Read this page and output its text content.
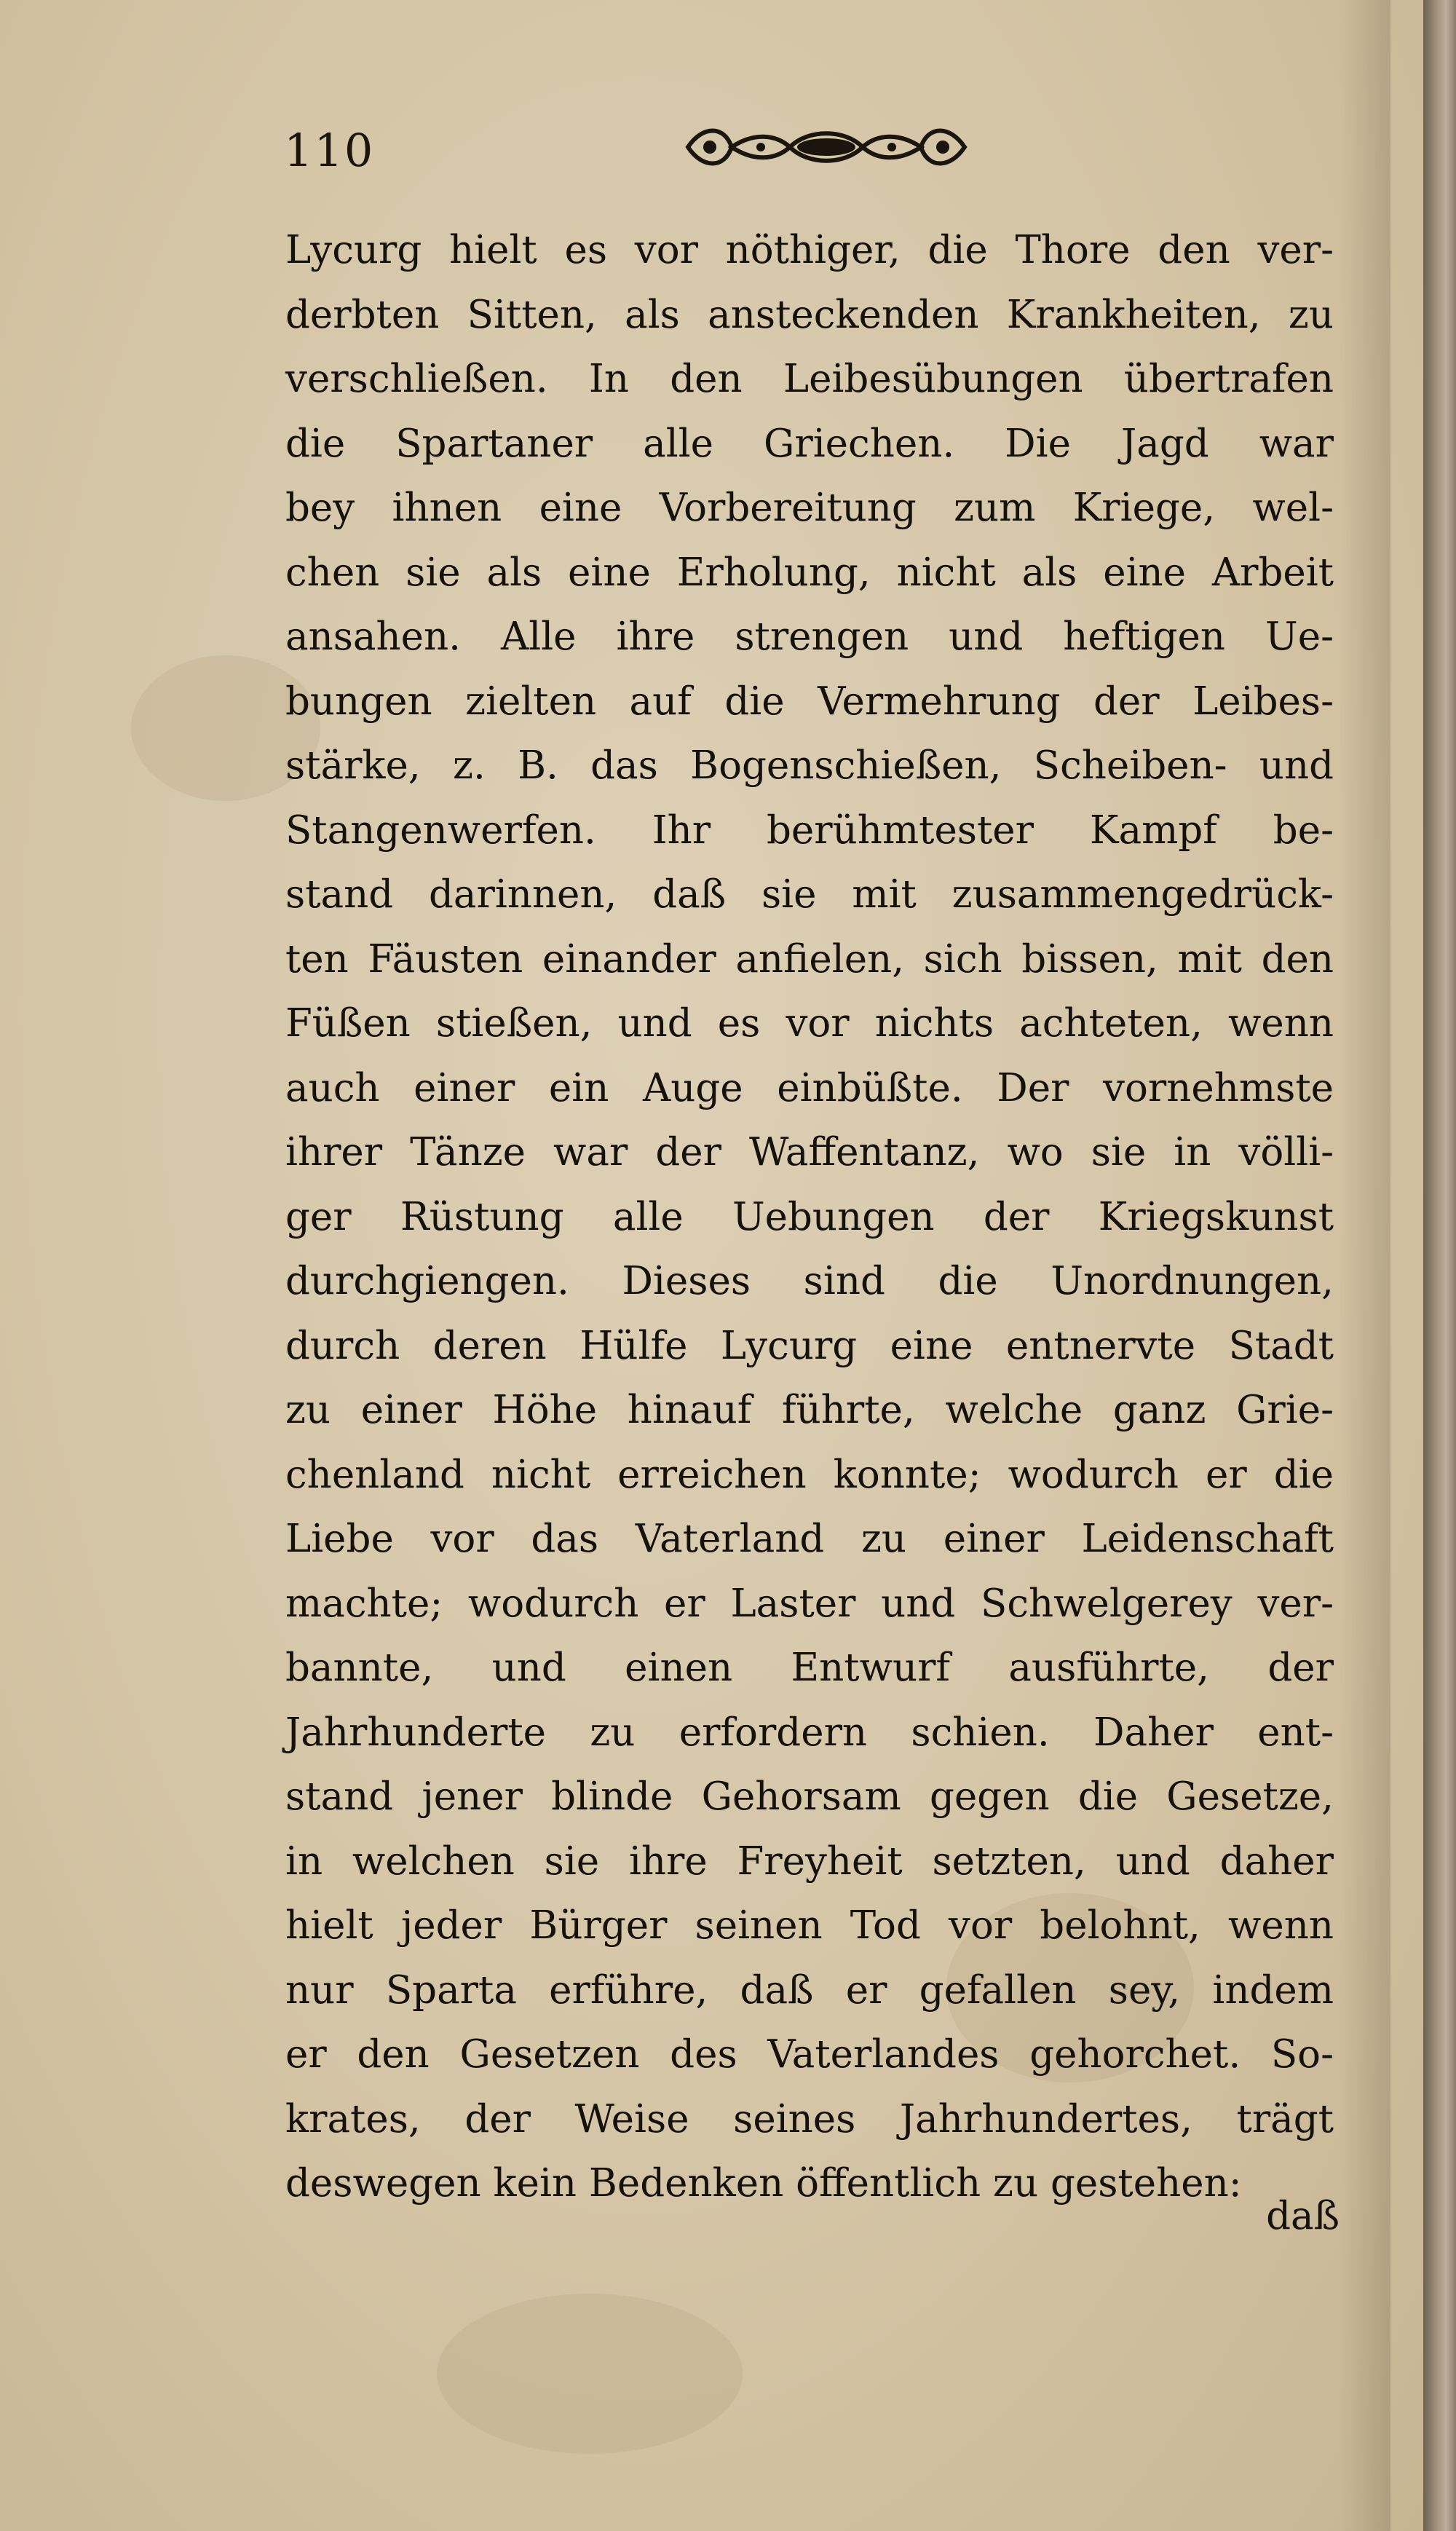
110
Lycurg hielt es vor nöthiger, die Thore den ver-
derbten Sitten, als ansteckenden Krankheiten, zu
verschließen. In den Leibesübungen übertrafen
die Spartaner alle Griechen. Die Jagd war
bey ihnen eine Vorbereitung zum Kriege, wel-
chen sie als eine Erholung, nicht als eine Arbeit
ansahen. Alle ihre strengen und heftigen Ue-
bungen zielten auf die Vermehrung der Leibes-
stärke, z. B. das Bogenschießen, Scheiben- und
Stangenwerfen. Ihr berühmtester Kampf be-
stand darinnen, daß sie mit zusammengedrück-
ten Fäusten einander anfielen, sich bissen, mit den
Füßen stießen, und es vor nichts achteten, wenn
auch einer ein Auge einbüßte. Der vornehmste
ihrer Tänze war der Waffentanz, wo sie in völli-
ger Rüstung alle Uebungen der Kriegskunst
durchgiengen. Dieses sind die Unordnungen,
durch deren Hülfe Lycurg eine entnervte Stadt
zu einer Höhe hinauf führte, welche ganz Grie-
chenland nicht erreichen konnte; wodurch er die
Liebe vor das Vaterland zu einer Leidenschaft
machte; wodurch er Laster und Schwelgerey ver-
bannte, und einen Entwurf ausführte, der
Jahrhunderte zu erfordern schien. Daher ent-
stand jener blinde Gehorsam gegen die Gesetze,
in welchen sie ihre Freyheit setzten, und daher
hielt jeder Bürger seinen Tod vor belohnt, wenn
nur Sparta erführe, daß er gefallen sey, indem
er den Gesetzen des Vaterlandes gehorchet. So-
krates, der Weise seines Jahrhundertes, trägt
deswegen kein Bedenken öffentlich zu gestehen:
daß
